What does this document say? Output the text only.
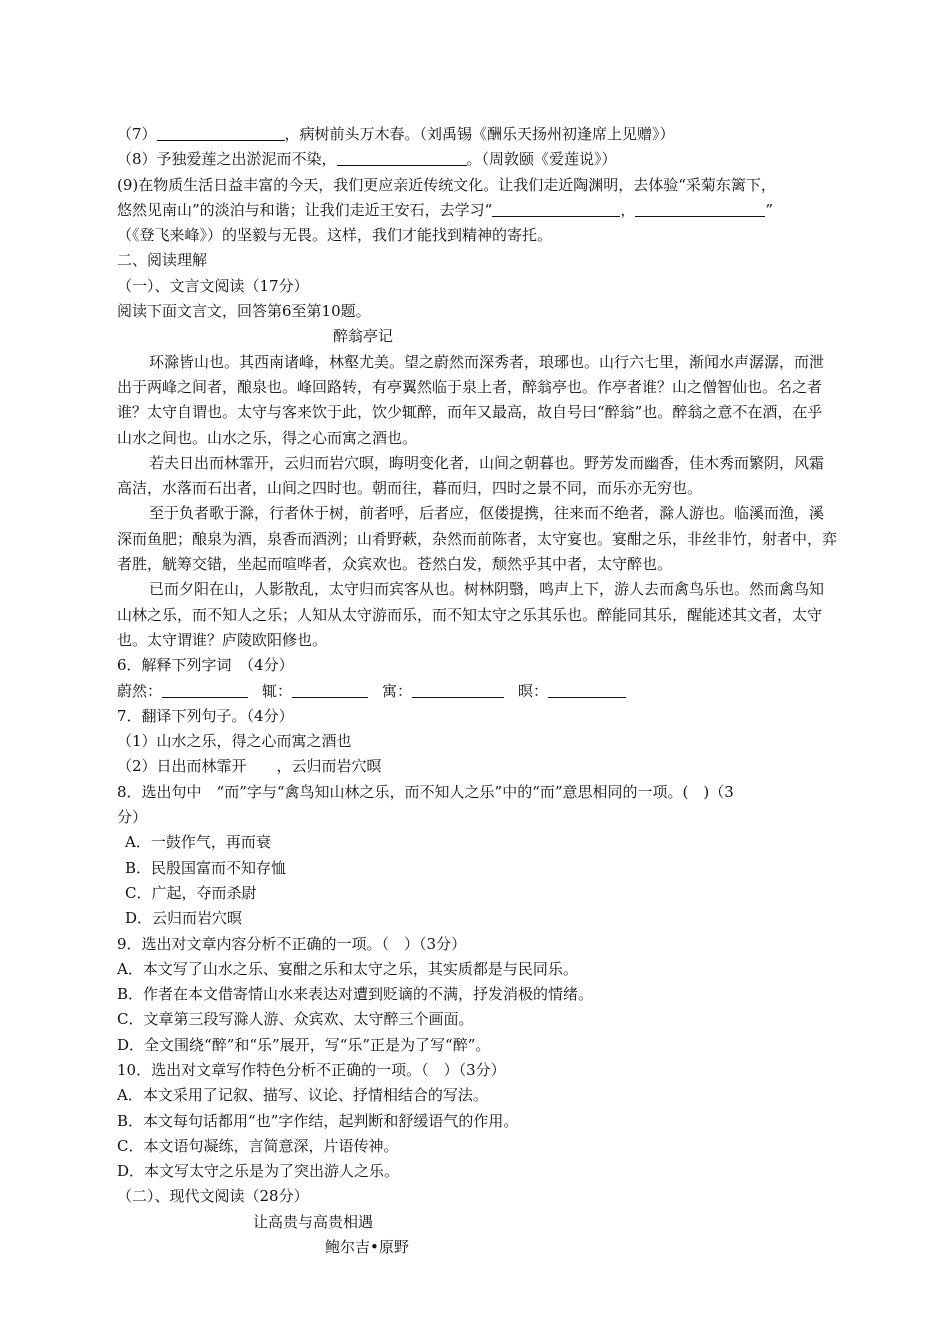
（7）	，病树前头万木春。（刘禹锡《酬乐天扬州初逢席上见赠》）
（8）予独爱莲之出淤泥而不染，	。（周敦颐《爱莲说》）
(9)在物质生活日益丰富的今天，我们更应亲近传统文化。让我们走近陶渊明，去体验“采菊东篱下，
悠然见南山”的淡泊与和谐；让我们走近王安石，去学习“	，	”
（《登飞来峰》）的坚毅与无畏。这样，我们才能找到精神的寄托。
二、阅读理解
（一）、文言文阅读（17分）
阅读下面文言文，回答第6至第10题。
醉翁亭记
环滁皆山也。其西南诸峰，林壑尤美。望之蔚然而深秀者，琅琊也。山行六七里，渐闻水声潺潺，而泄出于两峰之间者，酿泉也。峰回路转，有亭翼然临于泉上者，醉翁亭也。作亭者谁？山之僧智仙也。名之者谁？太守自谓也。太守与客来饮于此，饮少辄醉，而年又最高，故自号曰“醉翁”也。醉翁之意不在酒，在乎山水之间也。山水之乐，得之心而寓之酒也。
若夫日出而林霏开，云归而岩穴暝，晦明变化者，山间之朝暮也。野芳发而幽香，佳木秀而繁阴，风霜高洁，水落而石出者，山间之四时也。朝而往，暮而归，四时之景不同，而乐亦无穷也。
至于负者歌于滁，行者休于树，前者呼，后者应，伛偻提携，往来而不绝者，滁人游也。临溪而渔，溪深而鱼肥；酿泉为酒，泉香而酒洌；山肴野蔌，杂然而前陈者，太守宴也。宴酣之乐，非丝非竹，射者中，弈者胜，觥筹交错，坐起而喧哗者，众宾欢也。苍然白发，颓然乎其中者，太守醉也。
已而夕阳在山，人影散乱，太守归而宾客从也。树林阴翳，鸣声上下，游人去而禽鸟乐也。然而禽鸟知山林之乐，而不知人之乐；人知从太守游而乐，而不知太守之乐其乐也。醉能同其乐，醒能述其文者，太守也。太守谓谁？庐陵欧阳修也。
6．解释下列字词　（4分）
蔚然：	辄：	寓：	暝：
7．翻译下列句子。（4分）
（1）山水之乐，得之心而寓之酒也
（2）日出而林霏开　　，云归而岩穴暝
8．选出句中　“而”字与“禽鸟知山林之乐，而不知人之乐”中的“而”意思相同的一项。(　)（3
分）
A．一鼓作气，再而衰
B．民殷国富而不知存恤
C．广起，夺而杀尉
D．云归而岩穴暝
9．选出对文章内容分析不正确的一项。（　）（3分）
A．本文写了山水之乐、宴酣之乐和太守之乐，其实质都是与民同乐。
B．作者在本文借寄情山水来表达对遭到贬谪的不满，抒发消极的情绪。
C．文章第三段写滁人游、众宾欢、太守醉三个画面。
D．全文围绕“醉”和“乐”展开，写“乐”正是为了写“醉”。
10．选出对文章写作特色分析不正确的一项。（　）（3分）
A．本文采用了记叙、描写、议论、抒情相结合的写法。
B．本文每句话都用“也”字作结，起判断和舒缓语气的作用。
C．本文语句凝练，言简意深，片语传神。
D．本文写太守之乐是为了突出游人之乐。
（二）、现代文阅读（28分）
让高贵与高贵相遇
鲍尔吉•原野
